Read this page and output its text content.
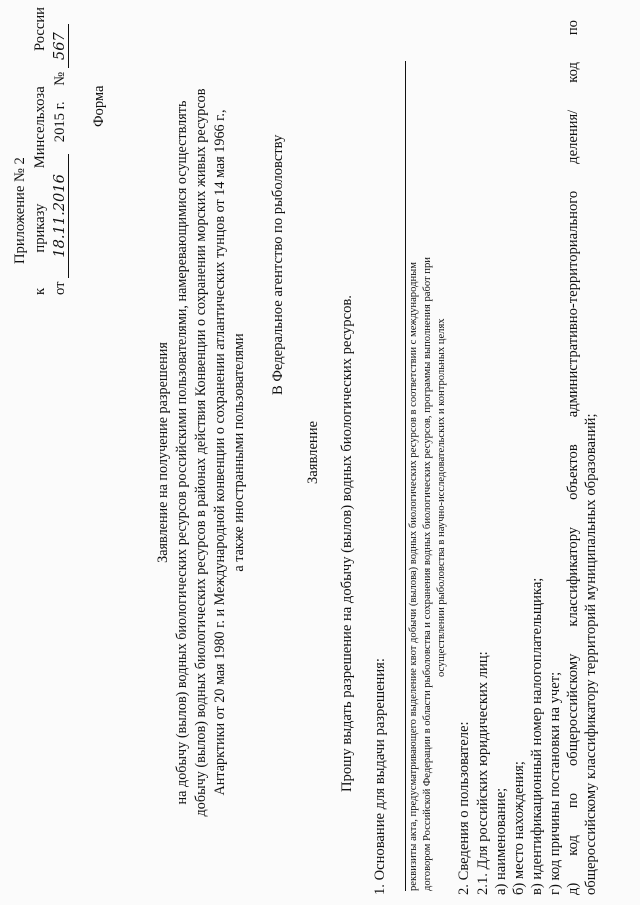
Приложение № 2
к
приказу
Минсельхоза
России
от 18.11.2016 2015 г. № 567
Форма
Заявление на получение разрешения на добычу (вылов) водных биологических ресурсов российскими пользователями, намеревающимися осуществлять добычу (вылов) водных биологических ресурсов в районах действия Конвенции о сохранении морских живых ресурсов Антарктики от 20 мая 1980 г. и Международной конвенции о сохранении атлантических тунцов от 14 мая 1966 г., а также иностранными пользователями
В Федеральное агентство по рыболовству
Заявление Прошу выдать разрешение на добычу (вылов) водных биологических ресурсов. 1. Основание для выдачи разрешения: реквизиты акта, предусматривающего выделение квот добычи (вылова) водных биологических ресурсов в соответствии с международным договором Российской Федерации в области рыболовства и сохранения водных биологических ресурсов, программы выполнения работ при осуществлении рыболовства в научно-исследовательских и контрольных целях
2. Сведения о пользователе: 2.1. Для российских юридических лиц: а) наименование; б) место нахождения; в) идентификационный номер налогоплательщика; г) код причины постановки на учет; д)
код
по
общероссийскому
классификатору
объектов
административно-территориального
деления/
код
по
общероссийскому классификатору территорий муниципальных образований;
